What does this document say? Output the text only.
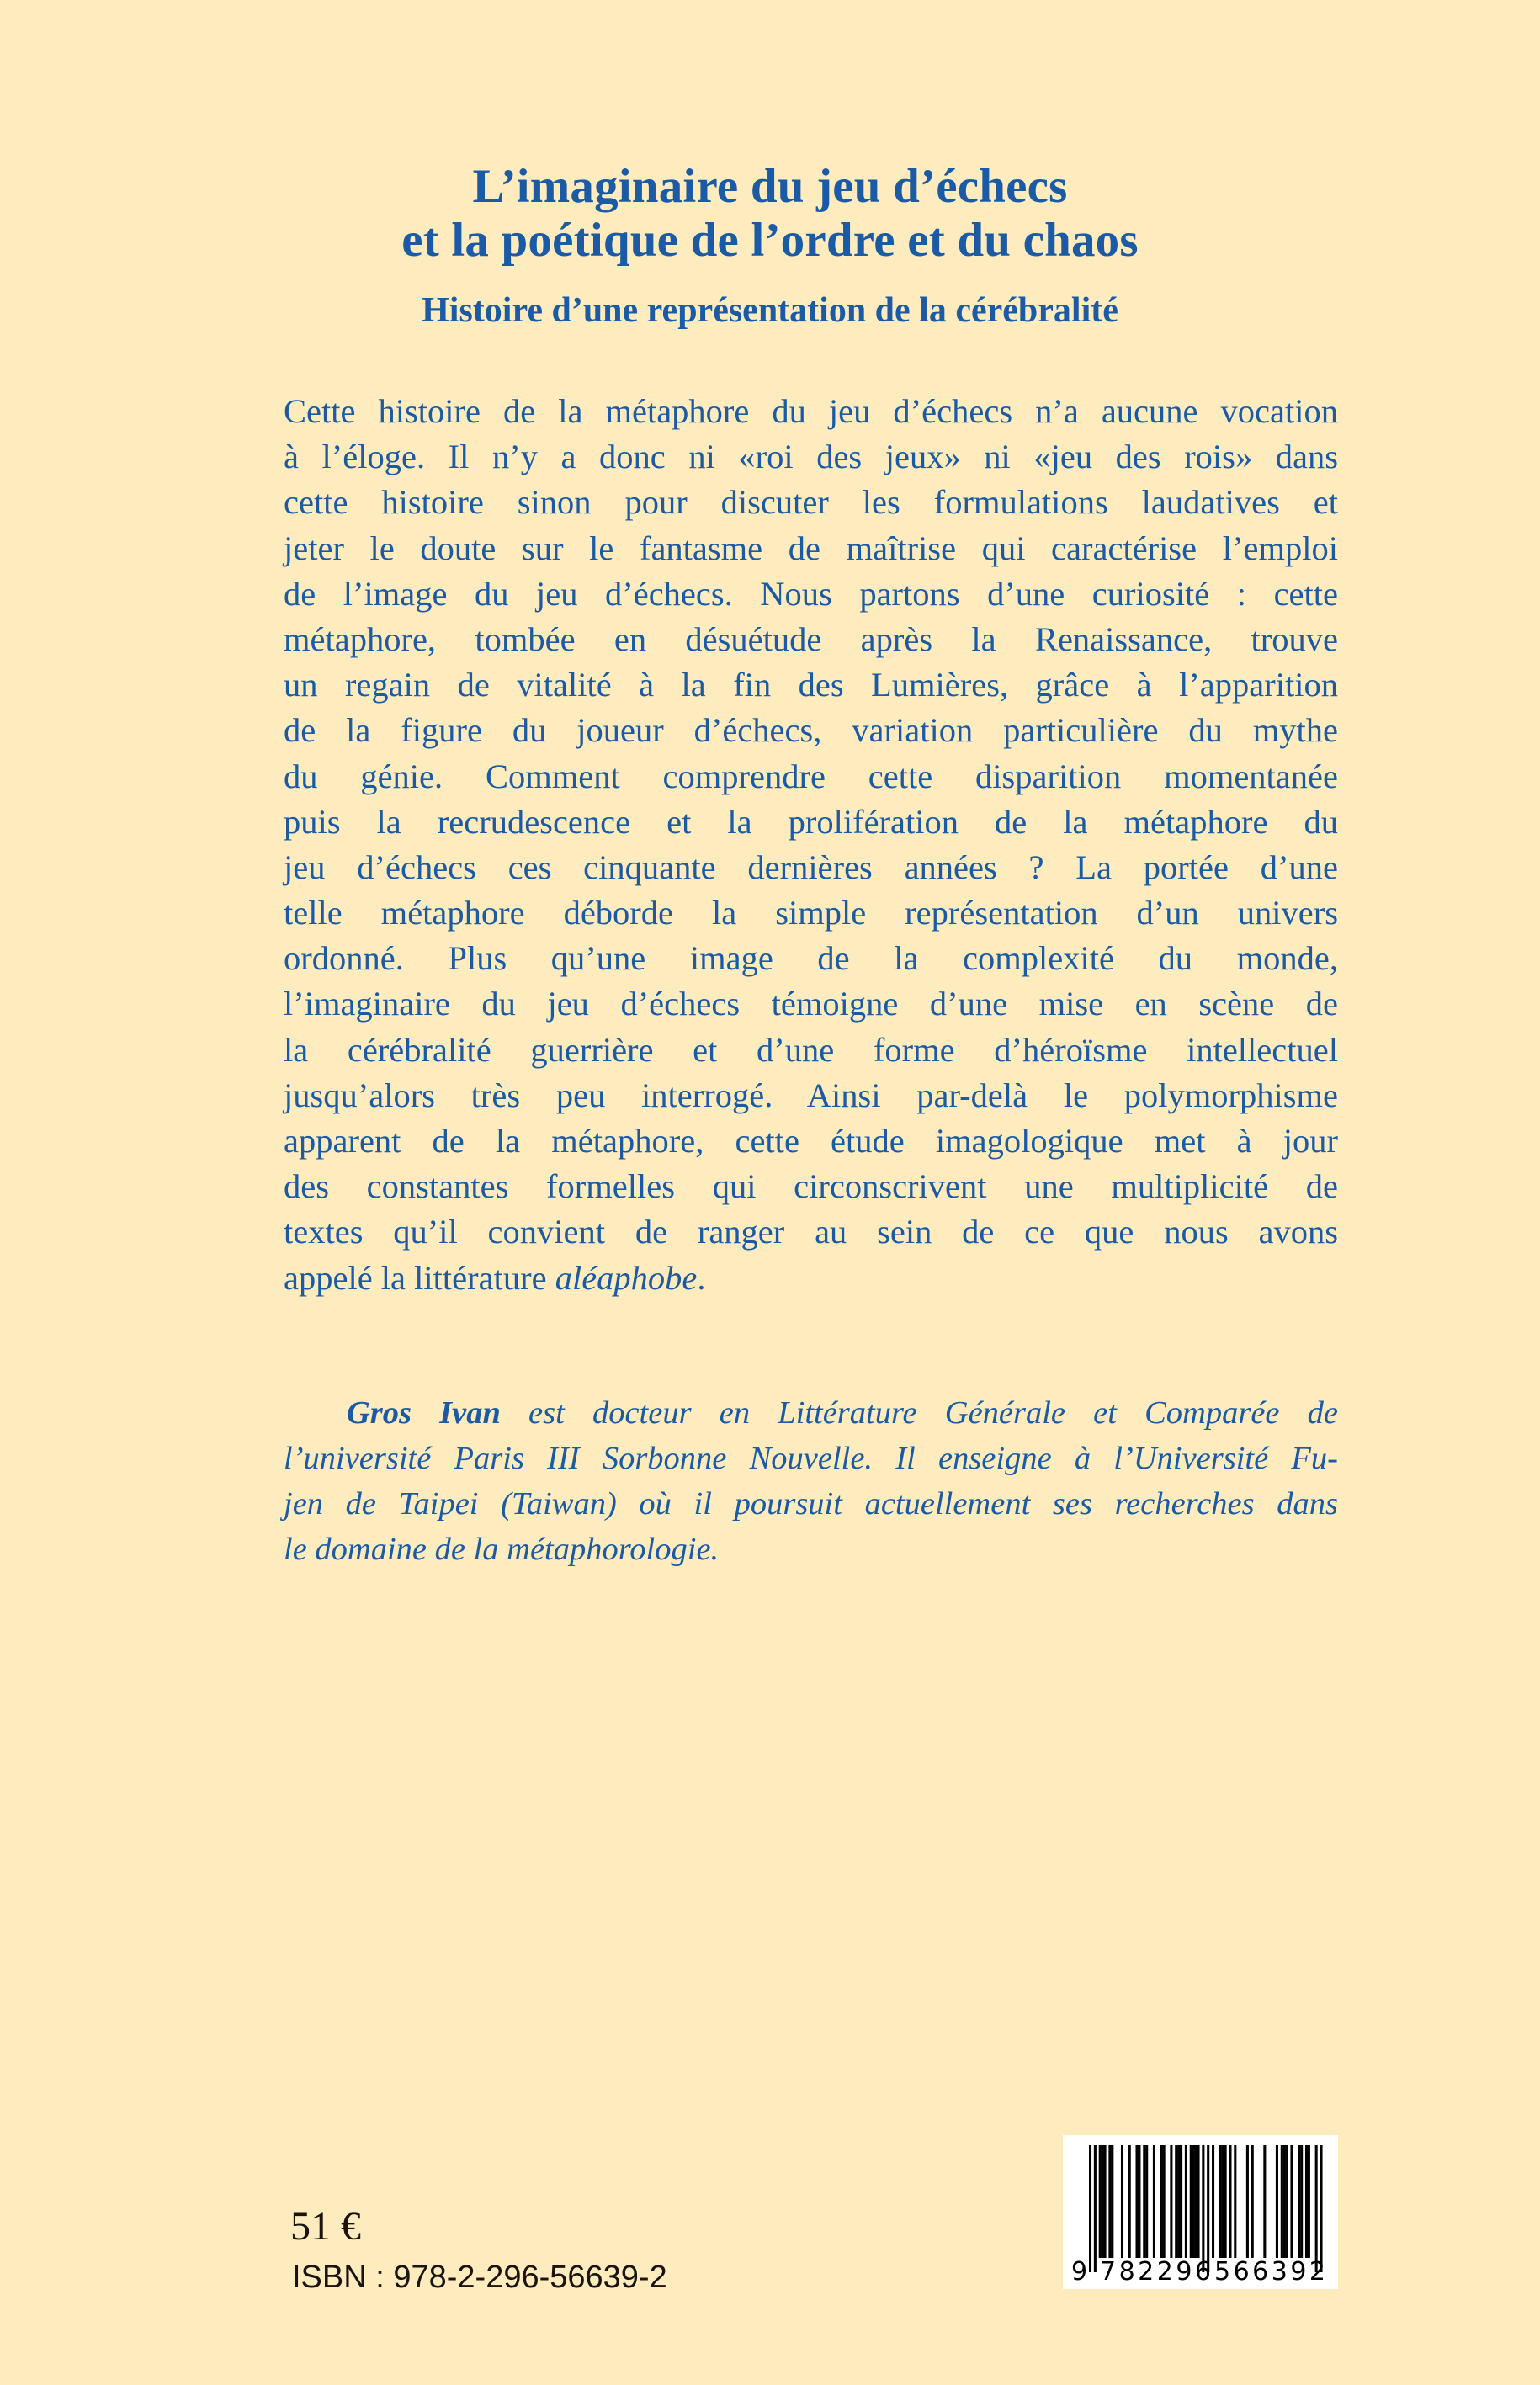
L’imaginaire du jeu d’échecs
et la poétique de l’ordre et du chaos
Histoire d’une représentation de la cérébralité
Cette histoire de la métaphore du jeu d’échecs n’a aucune vocation
à l’éloge. Il n’y a donc ni «roi des jeux» ni «jeu des rois» dans
cette histoire sinon pour discuter les formulations laudatives et
jeter le doute sur le fantasme de maîtrise qui caractérise l’emploi
de l’image du jeu d’échecs. Nous partons d’une curiosité : cette
métaphore, tombée en désuétude après la Renaissance, trouve
un regain de vitalité à la fin des Lumières, grâce à l’apparition
de la figure du joueur d’échecs, variation particulière du mythe
du génie. Comment comprendre cette disparition momentanée
puis la recrudescence et la prolifération de la métaphore du
jeu d’échecs ces cinquante dernières années ? La portée d’une
telle métaphore déborde la simple représentation d’un univers
ordonné. Plus qu’une image de la complexité du monde,
l’imaginaire du jeu d’échecs témoigne d’une mise en scène de
la cérébralité guerrière et d’une forme d’héroïsme intellectuel
jusqu’alors très peu interrogé. Ainsi par-delà le polymorphisme
apparent de la métaphore, cette étude imagologique met à jour
des constantes formelles qui circonscrivent une multiplicité de
textes qu’il convient de ranger au sein de ce que nous avons
appelé la littérature aléaphobe.
Gros Ivan est docteur en Littérature Générale et Comparée de
l’université Paris III Sorbonne Nouvelle. Il enseigne à l’Université Fu-
jen de Taipei (Taiwan) où il poursuit actuellement ses recherches dans
le domaine de la métaphorologie.
51 €
ISBN : 978-2-296-56639-2	9 782296 566392
